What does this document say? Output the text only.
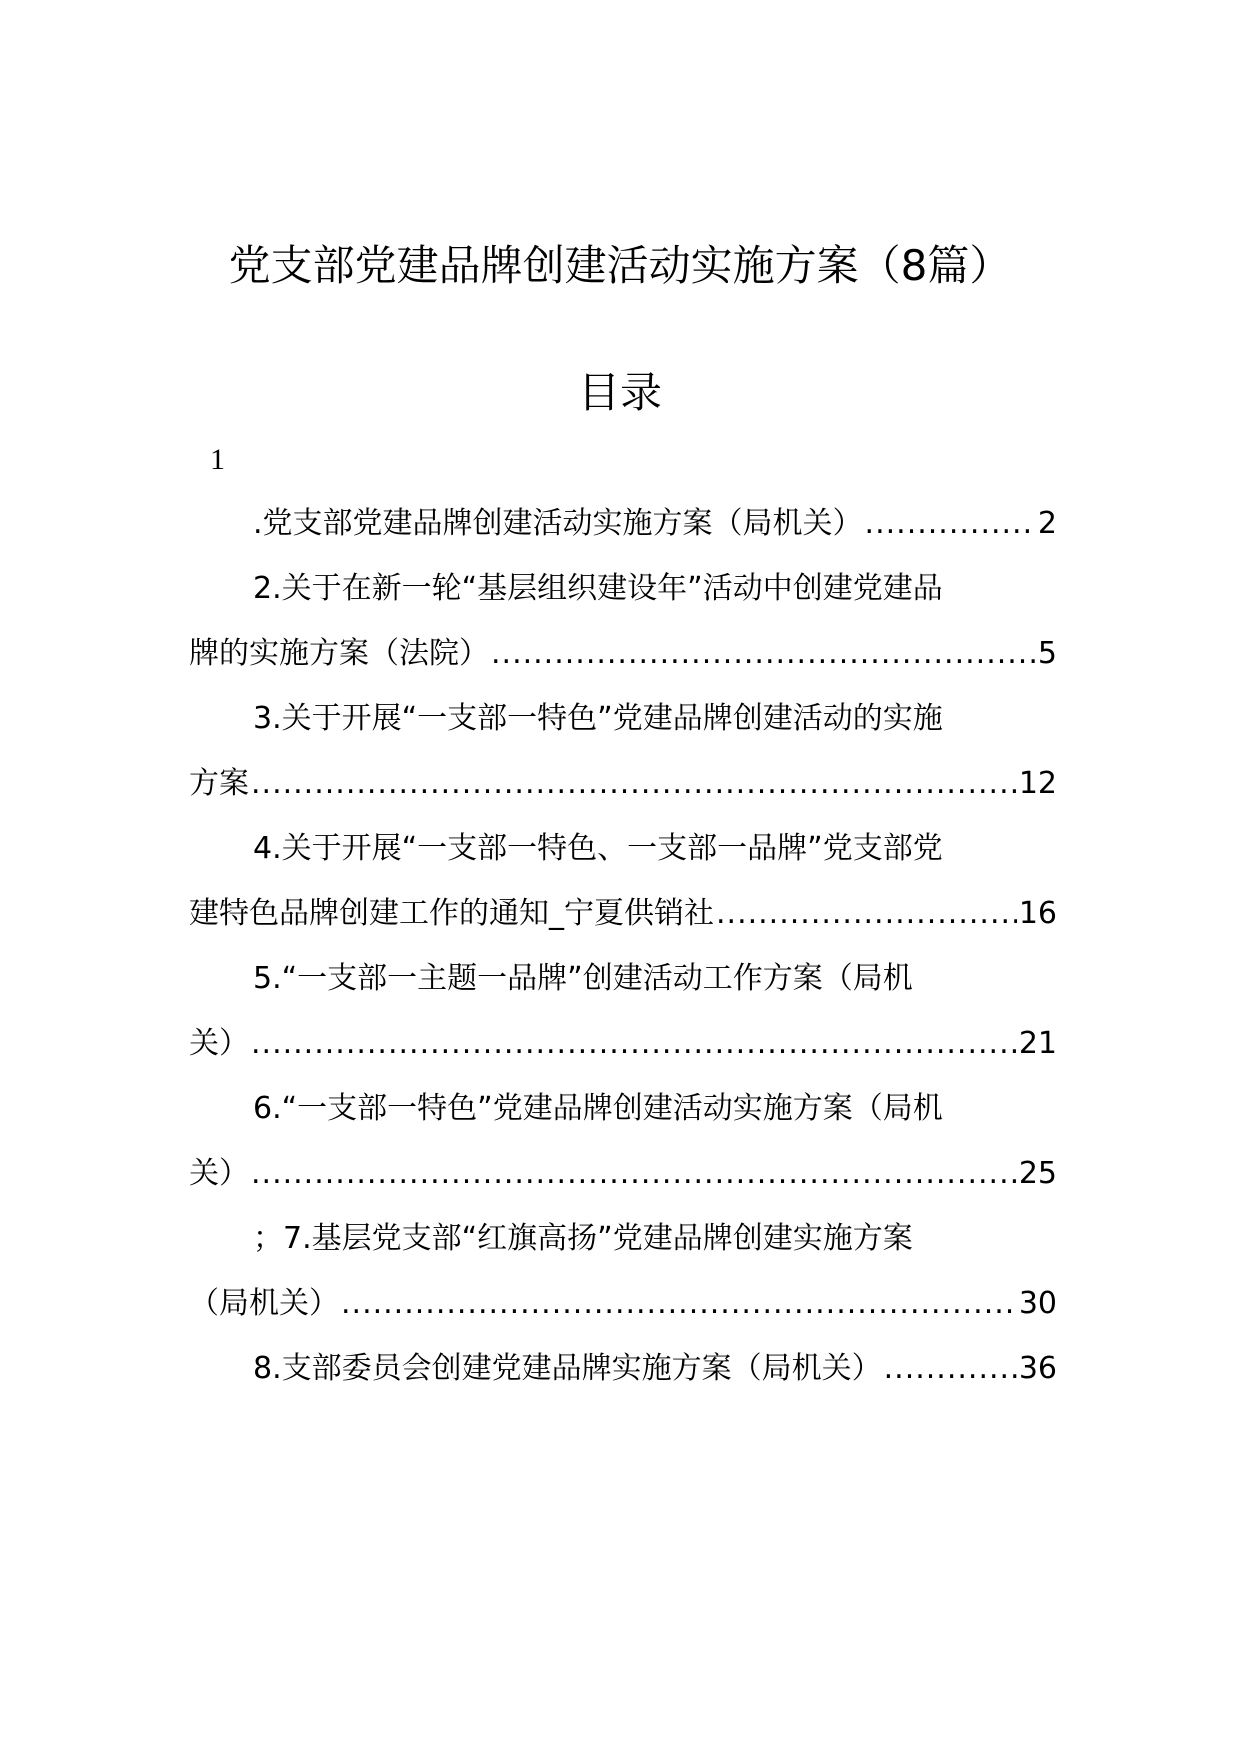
党支部党建品牌创建活动实施方案（8篇）
目录
1
.党支部党建品牌创建活动实施方案（局机关） .....	2
2.关于在新一轮“基层组织建设年”活动中创建党建品
牌的实施方案（法院） .....	5
3.关于开展“一支部一特色”党建品牌创建活动的实施
方案 .....	12
4.关于开展“一支部一特色、一支部一品牌”党支部党
建特色品牌创建工作的通知_宁夏供销社 .....	16
5.“一支部一主题一品牌”创建活动工作方案（局机
关） .....	21
6.“一支部一特色”党建品牌创建活动实施方案（局机
关） .....	25
；7.基层党支部“红旗高扬”党建品牌创建实施方案
（局机关） .....	30
8.支部委员会创建党建品牌实施方案（局机关） .....	36
